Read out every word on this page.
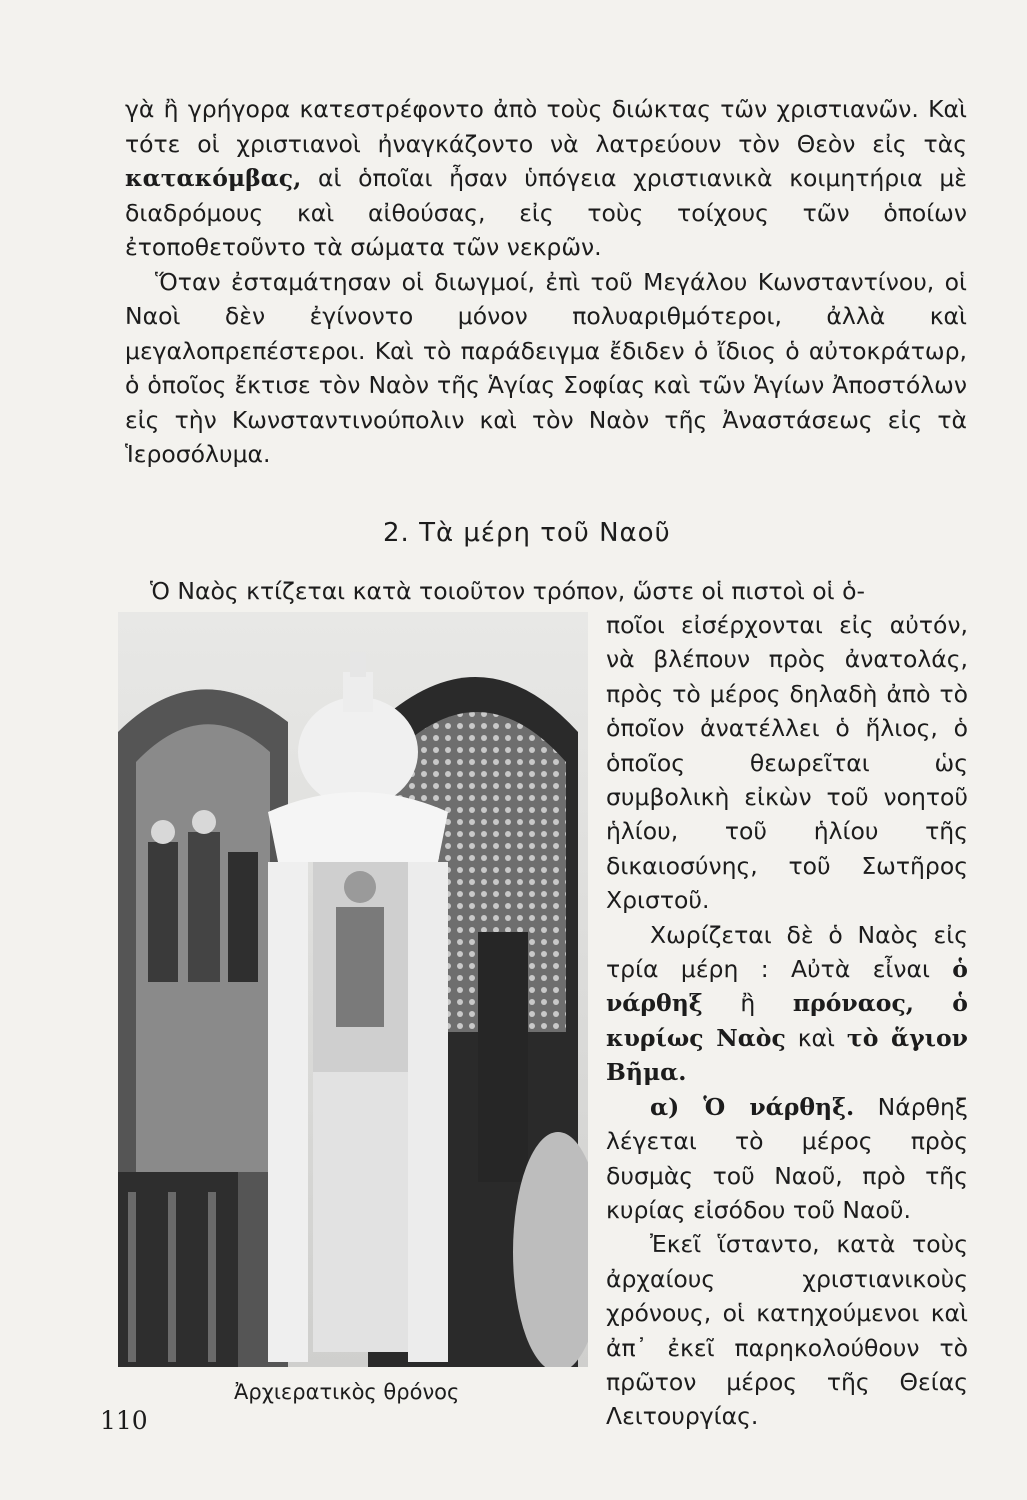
γὰ ἢ γρήγορα κατεστρέφοντο ἀπὸ τοὺς διώκτας τῶν χριστιανῶν. Καὶ τότε οἱ χριστιανοὶ ἠναγκάζοντο νὰ λατρεύουν τὸν Θεὸν εἰς τὰς κατακόμβας, αἱ ὁποῖαι ἦσαν ὑπόγεια χριστιανικὰ κοιμητήρια μὲ διαδρόμους καὶ αἰθούσας, εἰς τοὺς τοίχους τῶν ὁποίων ἐτοποθετοῦντο τὰ σώματα τῶν νεκρῶν.

Ὅταν ἐσταμάτησαν οἱ διωγμοί, ἐπὶ τοῦ Μεγάλου Κωνσταντίνου, οἱ Ναοὶ δὲν ἐγίνοντο μόνον πολυαριθμότεροι, ἀλλὰ καὶ μεγαλοπρεπέστεροι. Καὶ τὸ παράδειγμα ἔδιδεν ὁ ἴδιος ὁ αὐτοκράτωρ, ὁ ὁποῖος ἔκτισε τὸν Ναὸν τῆς Ἁγίας Σοφίας καὶ τῶν Ἁγίων Ἀποστόλων εἰς τὴν Κωνσταντινούπολιν καὶ τὸν Ναὸν τῆς Ἀναστάσεως εἰς τὰ Ἱεροσόλυμα.

2. Τὰ μέρη τοῦ Ναοῦ
Ὁ Ναὸς κτίζεται κατὰ τοιοῦτον τρόπον, ὥστε οἱ πιστοὶ οἱ ὁ-

ποῖοι εἰσέρχονται εἰς αὐτόν, νὰ βλέπουν πρὸς ἀνατολάς, πρὸς τὸ μέρος δηλαδὴ ἀπὸ τὸ ὁποῖον ἀνατέλλει ὁ ἥλιος, ὁ ὁποῖος θεωρεῖται ὡς συμβολικὴ εἰκὼν τοῦ νοητοῦ ἡλίου, τοῦ ἡλίου τῆς δικαιοσύνης, τοῦ Σωτῆρος Χριστοῦ.

Χωρίζεται δὲ ὁ Ναὸς εἰς τρία μέρη : Αὐτὰ εἶναι ὁ νάρθηξ ἢ πρόναος, ὁ κυρίως Ναὸς καὶ τὸ ἅγιον Βῆμα.

α) Ὁ νάρθηξ. Νάρθηξ λέγεται τὸ μέρος πρὸς δυσμὰς τοῦ Ναοῦ, πρὸ τῆς κυρίας εἰσόδου τοῦ Ναοῦ.

Ἐκεῖ ἵσταντο, κατὰ τοὺς ἀρχαίους χριστιανικοὺς χρόνους, οἱ κατηχούμενοι καὶ ἀπ᾽ ἐκεῖ παρηκολούθουν τὸ πρῶτον μέρος τῆς Θείας Λειτουργίας.

Ἀρχιερατικὸς θρόνος
110
